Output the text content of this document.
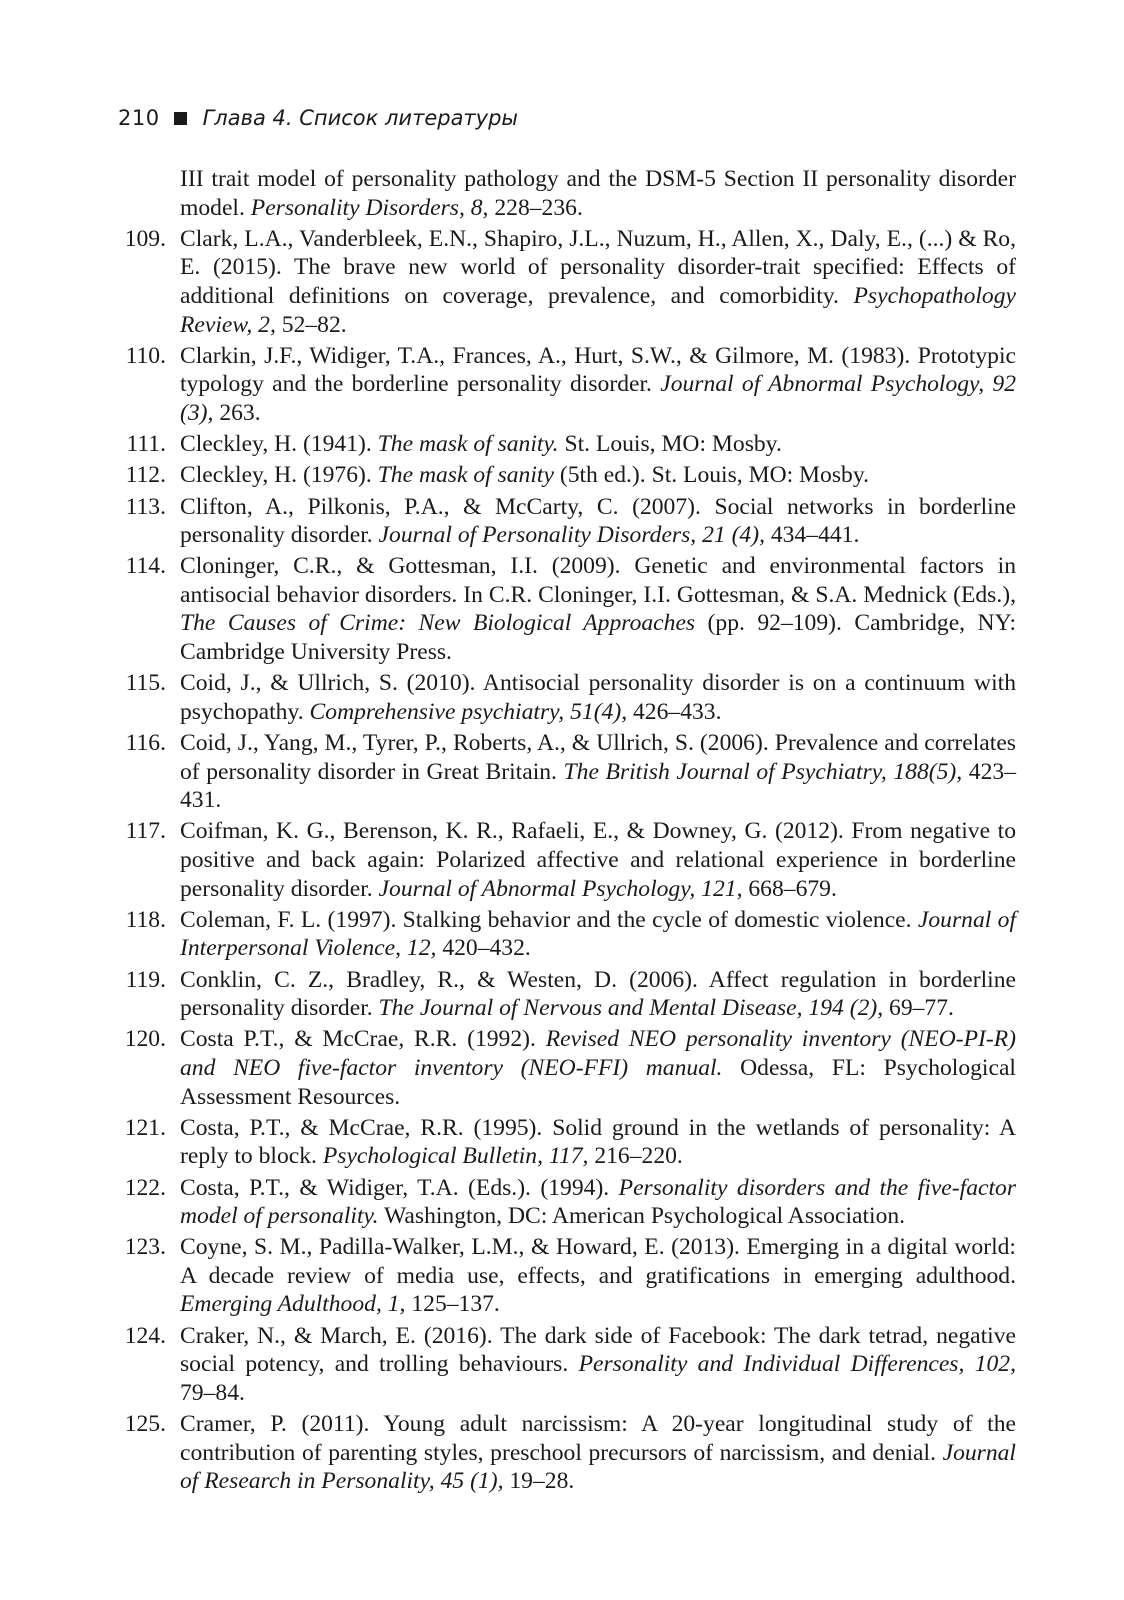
210 Глава 4. Список литературы
III trait model of personality pathology and the DSM-5 Section II personality disorder model. Personality Disorders, 8, 228–236.
109. Clark, L.A., Vanderbleek, E.N., Shapiro, J.L., Nuzum, H., Allen, X., Daly, E., (...) & Ro, E. (2015). The brave new world of personality disorder-trait specified: Effects of additional definitions on coverage, prevalence, and comorbidity. Psychopathology Review, 2, 52–82.
110. Clarkin, J.F., Widiger, T.A., Frances, A., Hurt, S.W., & Gilmore, M. (1983). Prototypic typology and the borderline personality disorder. Journal of Abnormal Psychology, 92 (3), 263.
111. Cleckley, H. (1941). The mask of sanity. St. Louis, MO: Mosby.
112. Cleckley, H. (1976). The mask of sanity (5th ed.). St. Louis, MO: Mosby.
113. Clifton, A., Pilkonis, P.A., & McCarty, C. (2007). Social networks in borderline personality disorder. Journal of Personality Disorders, 21 (4), 434–441.
114. Cloninger, C.R., & Gottesman, I.I. (2009). Genetic and environmental factors in antisocial behavior disorders. In C.R. Cloninger, I.I. Gottesman, & S.A. Mednick (Eds.), The Causes of Crime: New Biological Approaches (pp. 92–109). Cambridge, NY: Cambridge University Press.
115. Coid, J., & Ullrich, S. (2010). Antisocial personality disorder is on a continuum with psychopathy. Comprehensive psychiatry, 51(4), 426–433.
116. Coid, J., Yang, M., Tyrer, P., Roberts, A., & Ullrich, S. (2006). Prevalence and correlates of personality disorder in Great Britain. The British Journal of Psychiatry, 188(5), 423–431.
117. Coifman, K. G., Berenson, K. R., Rafaeli, E., & Downey, G. (2012). From negative to positive and back again: Polarized affective and relational experience in borderline personality disorder. Journal of Abnormal Psychology, 121, 668–679.
118. Coleman, F. L. (1997). Stalking behavior and the cycle of domestic violence. Journal of Interpersonal Violence, 12, 420–432.
119. Conklin, C. Z., Bradley, R., & Westen, D. (2006). Affect regulation in borderline personality disorder. The Journal of Nervous and Mental Disease, 194 (2), 69–77.
120. Costa P.T., & McCrae, R.R. (1992). Revised NEO personality inventory (NEO-PI-R) and NEO five-factor inventory (NEO-FFI) manual. Odessa, FL: Psychological Assessment Resources.
121. Costa, P.T., & McCrae, R.R. (1995). Solid ground in the wetlands of personality: A reply to block. Psychological Bulletin, 117, 216–220.
122. Costa, P.T., & Widiger, T.A. (Eds.). (1994). Personality disorders and the five-factor model of personality. Washington, DC: American Psychological Association.
123. Coyne, S. M., Padilla-Walker, L.M., & Howard, E. (2013). Emerging in a digital world: A decade review of media use, effects, and gratifications in emerging adulthood. Emerging Adulthood, 1, 125–137.
124. Craker, N., & March, E. (2016). The dark side of Facebook: The dark tetrad, negative social potency, and trolling behaviours. Personality and Individual Differences, 102, 79–84.
125. Cramer, P. (2011). Young adult narcissism: A 20-year longitudinal study of the contribution of parenting styles, preschool precursors of narcissism, and denial. Journal of Research in Personality, 45 (1), 19–28.
